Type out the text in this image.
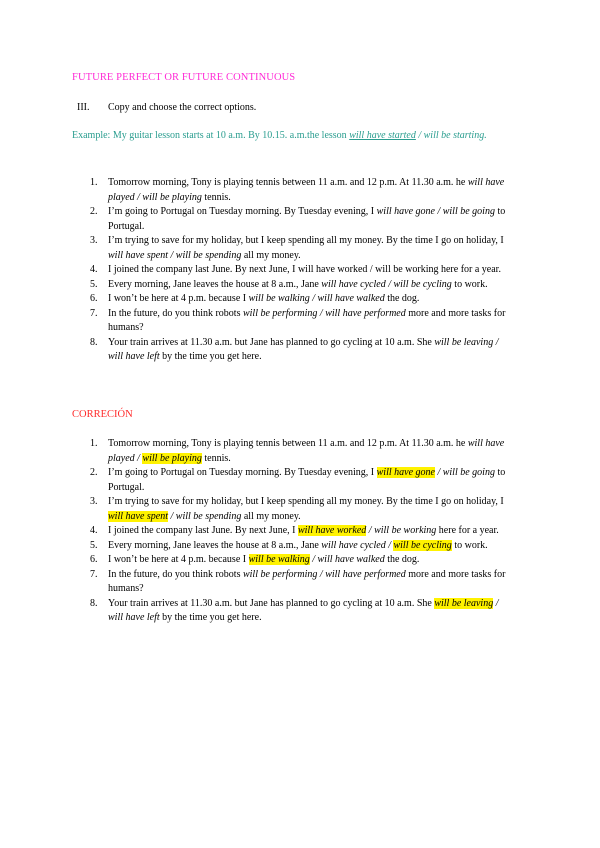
FUTURE PERFECT OR FUTURE CONTINUOUS
III. Copy and choose the correct options.
Example: My guitar lesson starts at 10 a.m. By 10.15. a.m.the lesson will have started / will be starting.
1. Tomorrow morning, Tony is playing tennis between 11 a.m. and 12 p.m. At 11.30 a.m. he will have played / will be playing tennis.
2. I’m going to Portugal on Tuesday morning. By Tuesday evening, I will have gone / will be going to Portugal.
3. I’m trying to save for my holiday, but I keep spending all my money. By the time I go on holiday, I will have spent / will be spending all my money.
4. I joined the company last June. By next June, I will have worked / will be working here for a year.
5. Every morning, Jane leaves the house at 8 a.m., Jane will have cycled / will be cycling to work.
6. I won’t be here at 4 p.m. because I will be walking / will have walked the dog.
7. In the future, do you think robots will be performing / will have performed more and more tasks for humans?
8. Your train arrives at 11.30 a.m. but Jane has planned to go cycling at 10 a.m. She will be leaving / will have left by the time you get here.
CORRECIÓN
1. Tomorrow morning, Tony is playing tennis between 11 a.m. and 12 p.m. At 11.30 a.m. he will have played / will be playing tennis.
2. I’m going to Portugal on Tuesday morning. By Tuesday evening, I will have gone / will be going to Portugal.
3. I’m trying to save for my holiday, but I keep spending all my money. By the time I go on holiday, I will have spent / will be spending all my money.
4. I joined the company last June. By next June, I will have worked / will be working here for a year.
5. Every morning, Jane leaves the house at 8 a.m., Jane will have cycled / will be cycling to work.
6. I won’t be here at 4 p.m. because I will be walking / will have walked the dog.
7. In the future, do you think robots will be performing / will have performed more and more tasks for humans?
8. Your train arrives at 11.30 a.m. but Jane has planned to go cycling at 10 a.m. She will be leaving / will have left by the time you get here.
